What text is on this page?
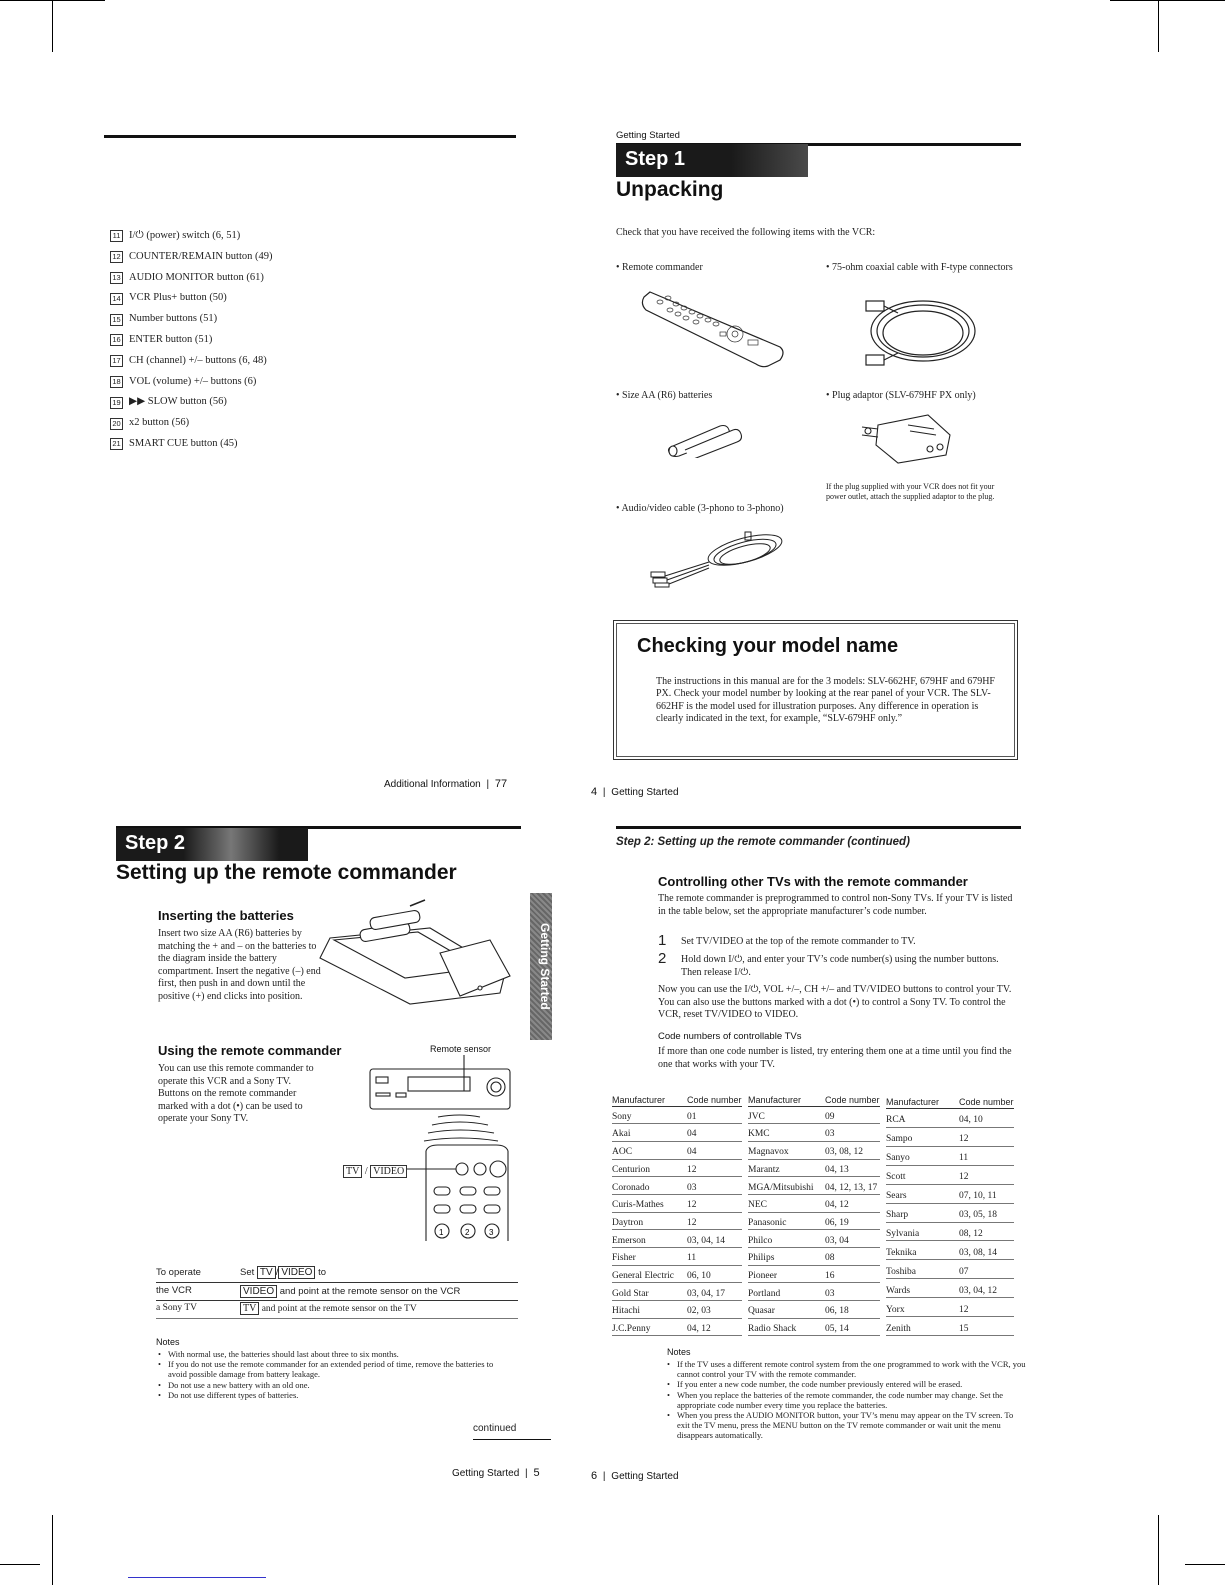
11 I/⏻ (power) switch (6, 51)
12 COUNTER/REMAIN button (49)
13 AUDIO MONITOR button (61)
14 VCR Plus+ button (50)
15 Number buttons (51)
16 ENTER button (51)
17 CH (channel) +/– buttons (6, 48)
18 VOL (volume) +/– buttons (6)
19 ▶▶ SLOW button (56)
20 x2 button (56)
21 SMART CUE button (45)
Additional Information | 77
Getting Started
Step 1
Unpacking
Check that you have received the following items with the VCR:
• Remote commander	• 75-ohm coaxial cable with F-type connectors
• Size AA (R6) batteries	• Plug adaptor (SLV-679HF PX only)
If the plug supplied with your VCR does not fit your power outlet, attach the supplied adaptor to the plug.
• Audio/video cable (3-phono to 3-phono)
Checking your model name
The instructions in this manual are for the 3 models: SLV-662HF, 679HF and 679HF PX. Check your model number by looking at the rear panel of your VCR. The SLV-662HF is the model used for illustration purposes. Any difference in operation is clearly indicated in the text, for example, “SLV-679HF only.”
4 | Getting Started
Step 2
Setting up the remote commander
Getting Started
Inserting the batteries
Insert two size AA (R6) batteries by matching the + and – on the batteries to the diagram inside the battery compartment. Insert the negative (–) end first, then push in and down until the positive (+) end clicks into position.
Using the remote commander	Remote sensor
You can use this remote commander to operate this VCR and a Sony TV. Buttons on the remote commander marked with a dot (•) can be used to operate your Sony TV.
1	2 3
TV / VIDEO
To operate	Set TV / VIDEO to
the VCR	VIDEO and point at the remote sensor on the VCR
a Sony TV	TV and point at the remote sensor on the TV
Notes
• With normal use, the batteries should last about three to six months.
• If you do not use the remote commander for an extended period of time, remove the batteries to avoid possible damage from battery leakage.
• Do not use a new battery with an old one.
• Do not use different types of batteries.
continued
Getting Started | 5
Step 2: Setting up the remote commander (continued)
Controlling other TVs with the remote commander
The remote commander is preprogrammed to control non-Sony TVs. If your TV is listed in the table below, set the appropriate manufacturer’s code number.
1 Set TV/VIDEO at the top of the remote commander to TV.
2 Hold down I/⏻, and enter your TV’s code number(s) using the number buttons. Then release I/⏻.
Now you can use the I/⏻, VOL +/–, CH +/– and TV/VIDEO buttons to control your TV. You can also use the buttons marked with a dot (•) to control a Sony TV. To control the VCR, reset TV/VIDEO to VIDEO.
Code numbers of controllable TVs
If more than one code number is listed, try entering them one at a time until you find the one that works with your TV.
Manufacturer	Code number
Sony	01
Akai	04
AOC	04
Centurion	12
Coronado	03
Curis-Mathes	12
Daytron	12
Emerson	03, 04, 14
Fisher	11
General Electric	06, 10
Gold Star	03, 04, 17
Hitachi	02, 03
J.C.Penny	04, 12
Manufacturer	Code number
JVC	09
KMC	03
Magnavox	03, 08, 12
Marantz	04, 13
MGA/Mitsubishi	04, 12, 13, 17
NEC	04, 12
Panasonic	06, 19
Philco	03, 04
Philips	08
Pioneer	16
Portland	03
Quasar	06, 18
Radio Shack	05, 14
Manufacturer	Code number
RCA	04, 10
Sampo	12
Sanyo	11
Scott	12
Sears	07, 10, 11
Sharp	03, 05, 18
Sylvania	08, 12
Teknika	03, 08, 14
Toshiba	07
Wards	03, 04, 12
Yorx	12
Zenith	15
Notes
• If the TV uses a different remote control system from the one programmed to work with the VCR, you cannot control your TV with the remote commander.
• If you enter a new code number, the code number previously entered will be erased.
• When you replace the batteries of the remote commander, the code number may change. Set the appropriate code number every time you replace the batteries.
• When you press the AUDIO MONITOR button, your TV’s menu may appear on the TV screen. To exit the TV menu, press the MENU button on the TV remote commander or wait unit the menu disappears automatically.
6 | Getting Started
